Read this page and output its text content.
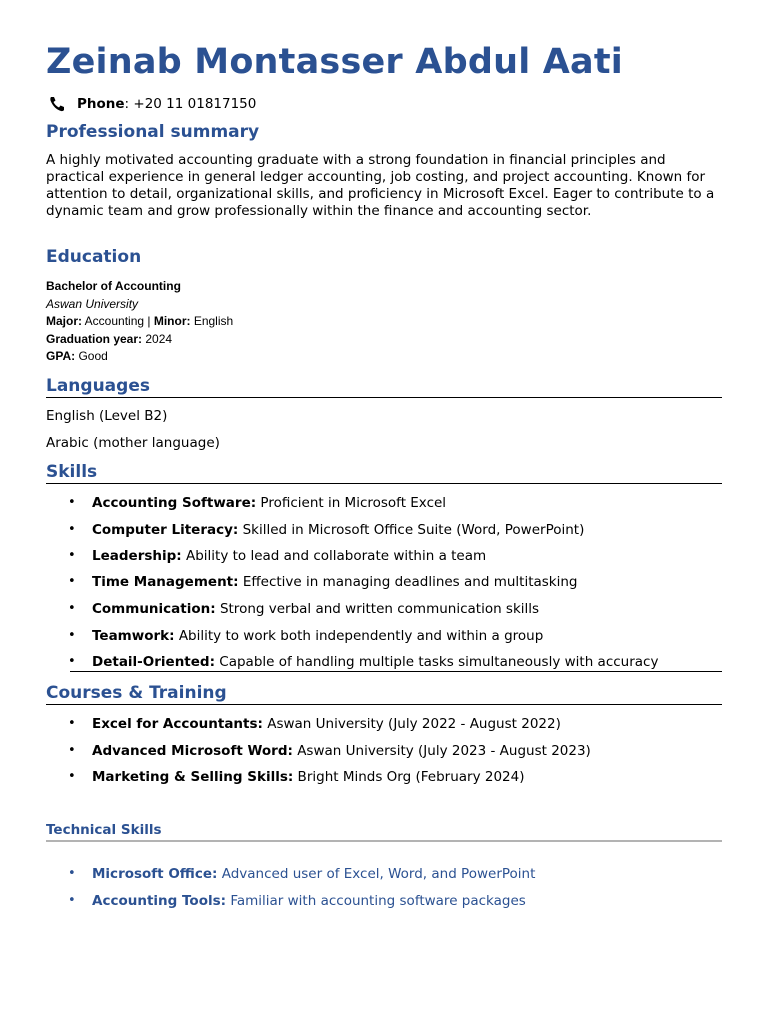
Zeinab Montasser Abdul Aati
Phone : +20 11 01817150
Professional summary

A highly motivated accounting graduate with a strong foundation in financial principles and practical experience in general ledger accounting, job costing, and project accounting. Known for attention to detail, organizational skills, and proficiency in Microsoft Excel. Eager to contribute to a dynamic team and grow professionally within the finance and accounting sector.

Education
Bachelor of Accounting
Aswan University
Major: Accounting | Minor: English
Graduation year: 2024
GPA: Good
Languages
English (Level B2)
Arabic (mother language)
Skills
• Accounting Software: Proficient in Microsoft Excel
• Computer Literacy: Skilled in Microsoft Office Suite (Word, PowerPoint)
• Leadership: Ability to lead and collaborate within a team
• Time Management: Effective in managing deadlines and multitasking
• Communication: Strong verbal and written communication skills
• Teamwork: Ability to work both independently and within a group
• Detail-Oriented: Capable of handling multiple tasks simultaneously with accuracy
Courses & Training
• Excel for Accountants: Aswan University (July 2022 - August 2022)
• Advanced Microsoft Word: Aswan University (July 2023 - August 2023)
• Marketing & Selling Skills: Bright Minds Org (February 2024)
Technical Skills
• Microsoft Office: Advanced user of Excel, Word, and PowerPoint
• Accounting Tools: Familiar with accounting software packages
